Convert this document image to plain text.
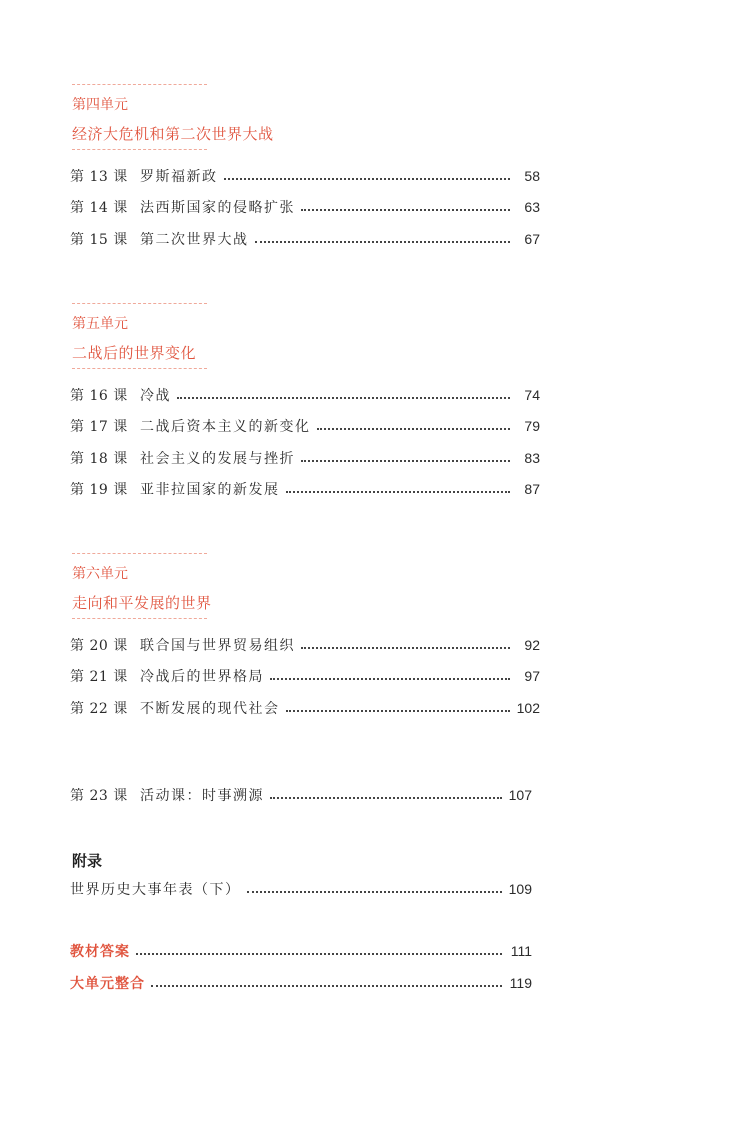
第四单元
经济大危机和第二次世界大战
第 13 课 罗斯福新政	58
第 14 课 法西斯国家的侵略扩张	63
第 15 课 第二次世界大战	67
第五单元
二战后的世界变化
第 16 课 冷战	74
第 17 课 二战后资本主义的新变化	79
第 18 课 社会主义的发展与挫折	83
第 19 课 亚非拉国家的新发展	87
第六单元
走向和平发展的世界
第 20 课 联合国与世界贸易组织	92
第 21 课 冷战后的世界格局	97
第 22 课 不断发展的现代社会	102
第 23 课 活动课：时事溯源	107
附录
世界历史大事年表（下）	109
教材答案	111
大单元整合	119
